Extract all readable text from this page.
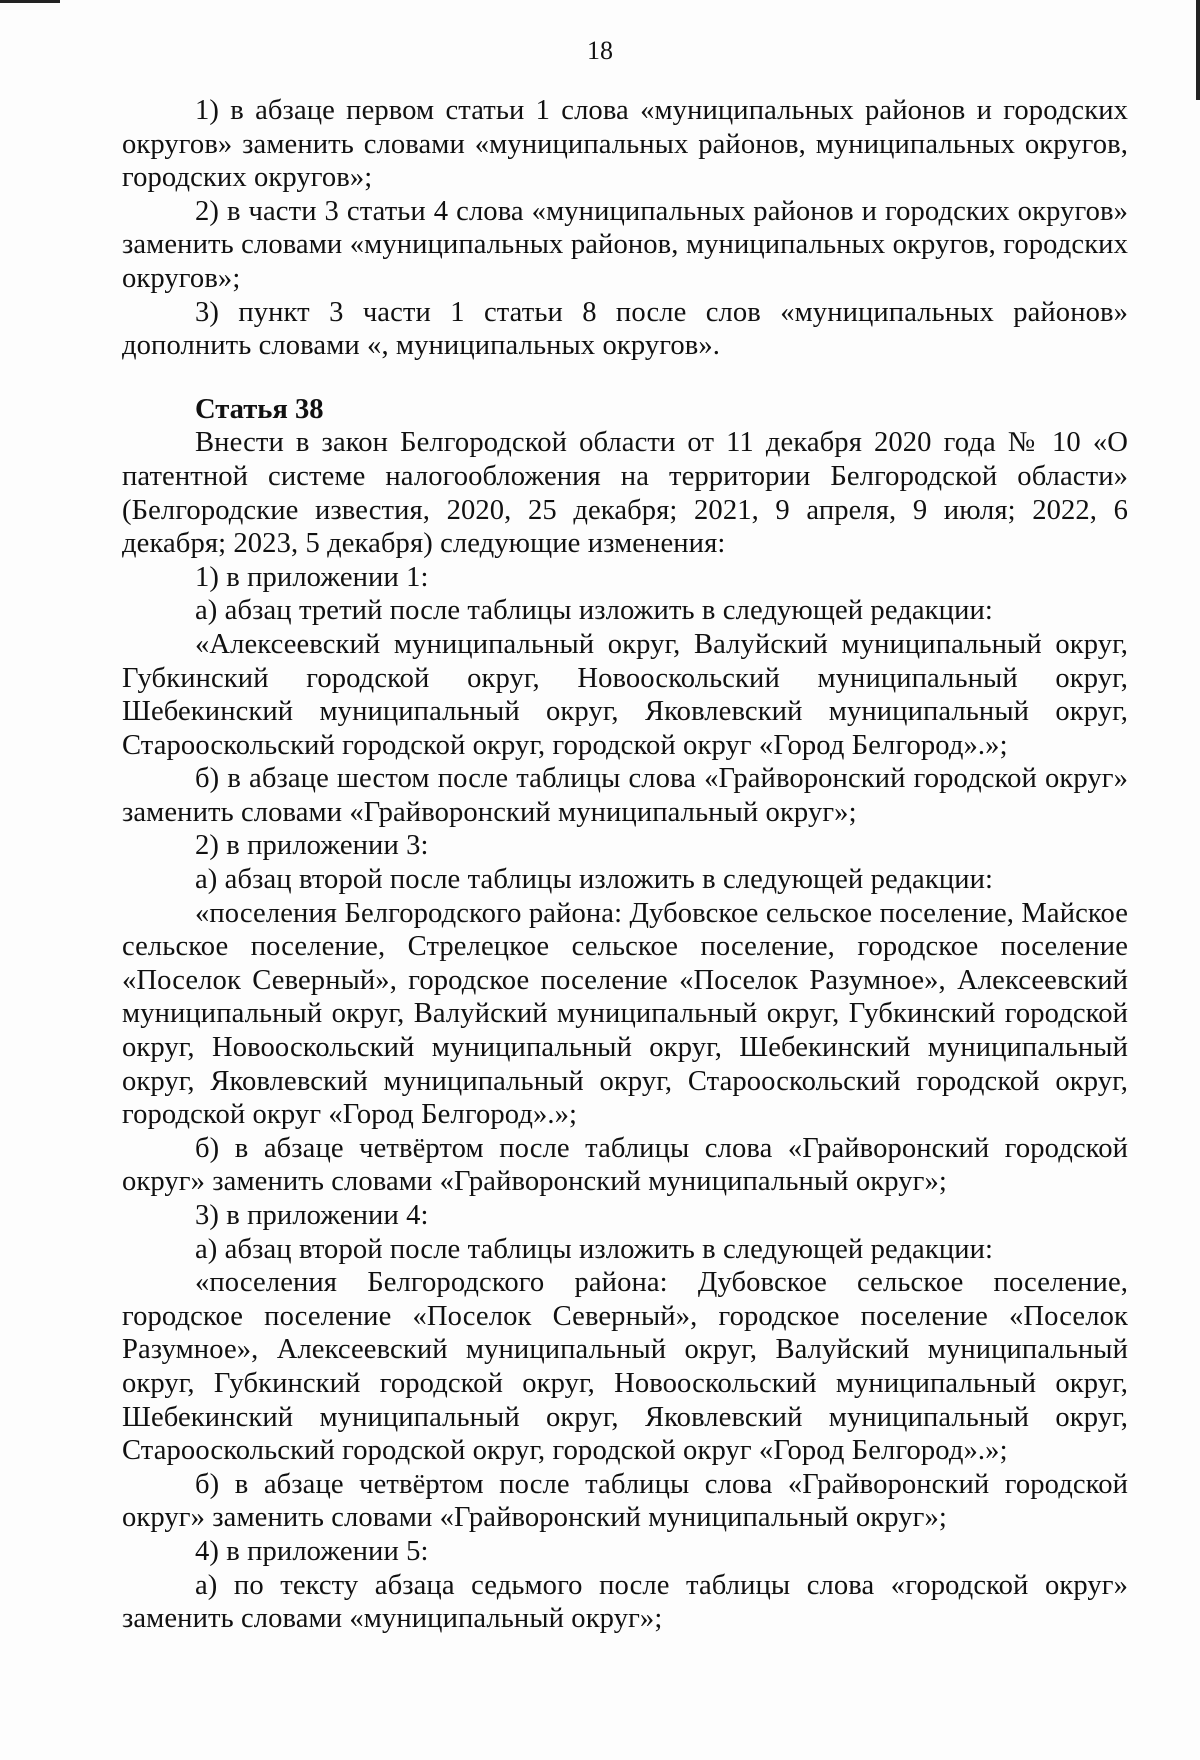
18

1) в абзаце первом статьи 1 слова «муниципальных районов и городских округов» заменить словами «муниципальных районов, муниципальных округов, городских округов»;

2) в части 3 статьи 4 слова «муниципальных районов и городских округов» заменить словами «муниципальных районов, муниципальных округов, городских округов»;

3) пункт 3 части 1 статьи 8 после слов «муниципальных районов» дополнить словами «, муниципальных округов».

Статья 38

Внести в закон Белгородской области от 11 декабря 2020 года № 10 «О патентной системе налогообложения на территории Белгородской области» (Белгородские известия, 2020, 25 декабря; 2021, 9 апреля, 9 июля; 2022, 6 декабря; 2023, 5 декабря) следующие изменения:

1) в приложении 1:

а) абзац третий после таблицы изложить в следующей редакции:

«Алексеевский муниципальный округ, Валуйский муниципальный округ, Губкинский городской округ, Новооскольский муниципальный округ, Шебекинский муниципальный округ, Яковлевский муниципальный округ, Старооскольский городской округ, городской округ «Город Белгород».»;

б) в абзаце шестом после таблицы слова «Грайворонский городской округ» заменить словами «Грайворонский муниципальный округ»;

2) в приложении 3:

а) абзац второй после таблицы изложить в следующей редакции:

«поселения Белгородского района: Дубовское сельское поселение, Майское сельское поселение, Стрелецкое сельское поселение, городское поселение «Поселок Северный», городское поселение «Поселок Разумное», Алексеевский муниципальный округ, Валуйский муниципальный округ, Губкинский городской округ, Новооскольский муниципальный округ, Шебекинский муниципальный округ, Яковлевский муниципальный округ, Старооскольский городской округ, городской округ «Город Белгород».»;

б) в абзаце четвёртом после таблицы слова «Грайворонский городской округ» заменить словами «Грайворонский муниципальный округ»;

3) в приложении 4:

а) абзац второй после таблицы изложить в следующей редакции:

«поселения Белгородского района: Дубовское сельское поселение, городское поселение «Поселок Северный», городское поселение «Поселок Разумное», Алексеевский муниципальный округ, Валуйский муниципальный округ, Губкинский городской округ, Новооскольский муниципальный округ, Шебекинский муниципальный округ, Яковлевский муниципальный округ, Старооскольский городской округ, городской округ «Город Белгород».»;

б) в абзаце четвёртом после таблицы слова «Грайворонский городской округ» заменить словами «Грайворонский муниципальный округ»;

4) в приложении 5:

а) по тексту абзаца седьмого после таблицы слова «городской округ» заменить словами «муниципальный округ»;
